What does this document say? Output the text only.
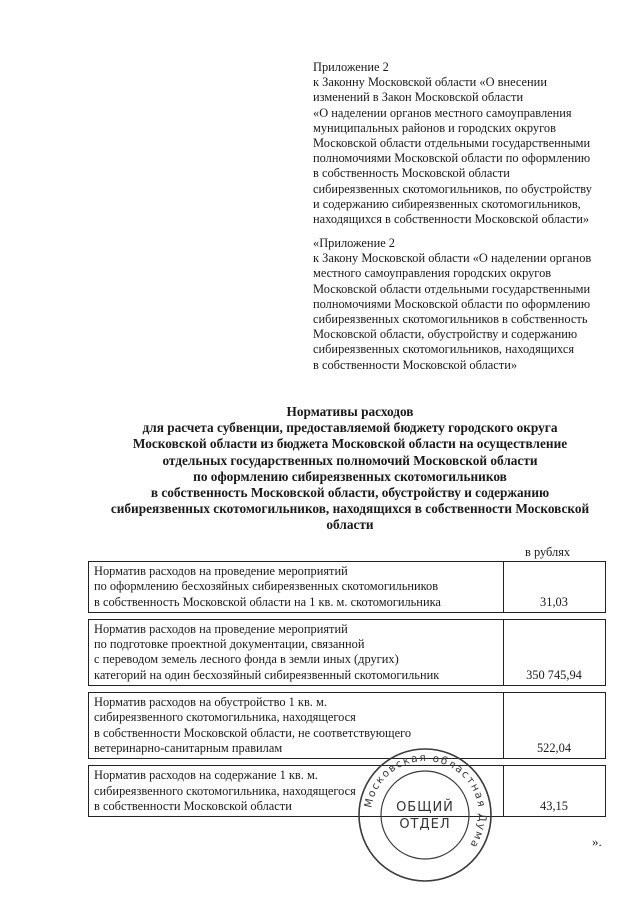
Приложение 2

к Законну Московской области «О внесении

изменений в Закон Московской области

«О наделении органов местного самоуправления

муниципальных районов и городских округов

Московской области отдельными государственными

полномочиями Московской области по оформлению

в собственность Московской области

сибиреязвенных скотомогильников, по обустройству

и содержанию сибиреязвенных скотомогильников,

находящихся в собственности Московской области»

«Приложение 2

к Закону Московской области «О наделении органов

местного самоуправления городских округов

Московской области отдельными государственными

полномочиями Московской области по оформлению

сибиреязвенных скотомогильников в собственность

Московской области, обустройству и содержанию

сибиреязвенных скотомогильников, находящихся

в собственности Московской области»

Нормативы расходов

для расчета субвенции, предоставляемой бюджету городского округа

Московской области из бюджета Московской области на осуществление

отдельных государственных полномочий Московской области

по оформлению сибиреязвенных скотомогильников

в собственность Московской области, обустройству и содержанию

сибиреязвенных скотомогильников, находящихся в собственности Московской

области

в рублях
Норматив расходов на проведение мероприятий
по оформлению бесхозяйных сибиреязвенных скотомогильников
в собственность Московской области на 1 кв. м. скотомогильника	31,03

Норматив расходов на проведение мероприятий
по подготовке проектной документации, связанной
с переводом земель лесного фонда в земли иных (других)
категорий на один бесхозяйный сибиреязвенный скотомогильник	350 745,94

Норматив расходов на обустройство 1 кв. м.
сибиреязвенного скотомогильника, находящегося
в собственности Московской области, не соответствующего
ветеринарно-санитарным правилам	522,04

Норматив расходов на содержание 1 кв. м.
сибиреязвенного скотомогильника, находящегося
в собственности Московской области	43,15
».
Московская областная Дума
ОБЩИЙ
ОТДЕЛ
